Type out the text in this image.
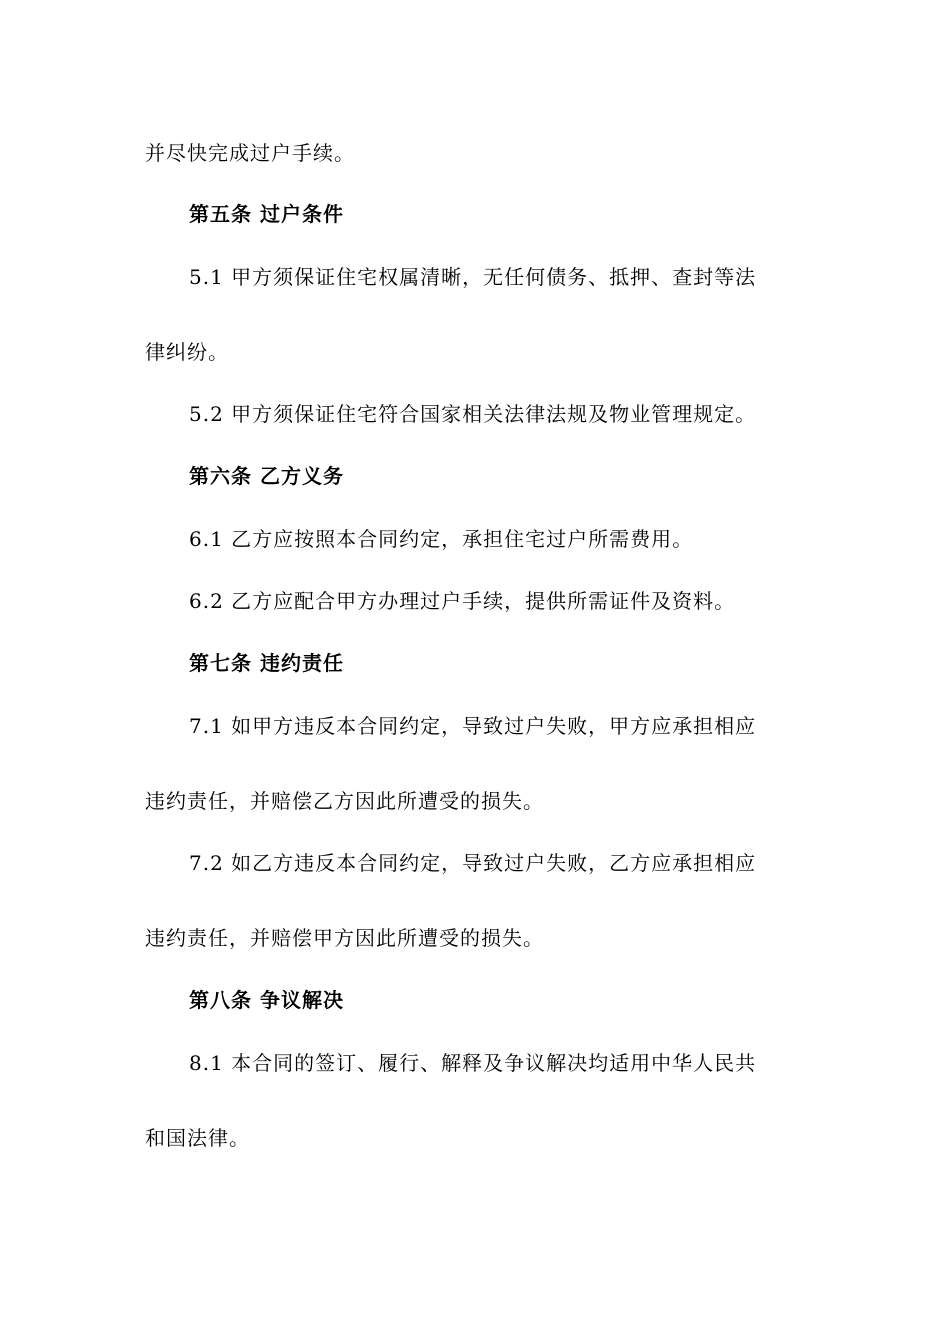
并尽快完成过户手续。
第五条 过户条件
5.1 甲方须保证住宅权属清晰，无任何债务、抵押、查封等法
律纠纷。
5.2 甲方须保证住宅符合国家相关法律法规及物业管理规定。
第六条 乙方义务
6.1 乙方应按照本合同约定，承担住宅过户所需费用。
6.2 乙方应配合甲方办理过户手续，提供所需证件及资料。
第七条 违约责任
7.1 如甲方违反本合同约定，导致过户失败，甲方应承担相应
违约责任，并赔偿乙方因此所遭受的损失。
7.2 如乙方违反本合同约定，导致过户失败，乙方应承担相应
违约责任，并赔偿甲方因此所遭受的损失。
第八条 争议解决
8.1 本合同的签订、履行、解释及争议解决均适用中华人民共
和国法律。
